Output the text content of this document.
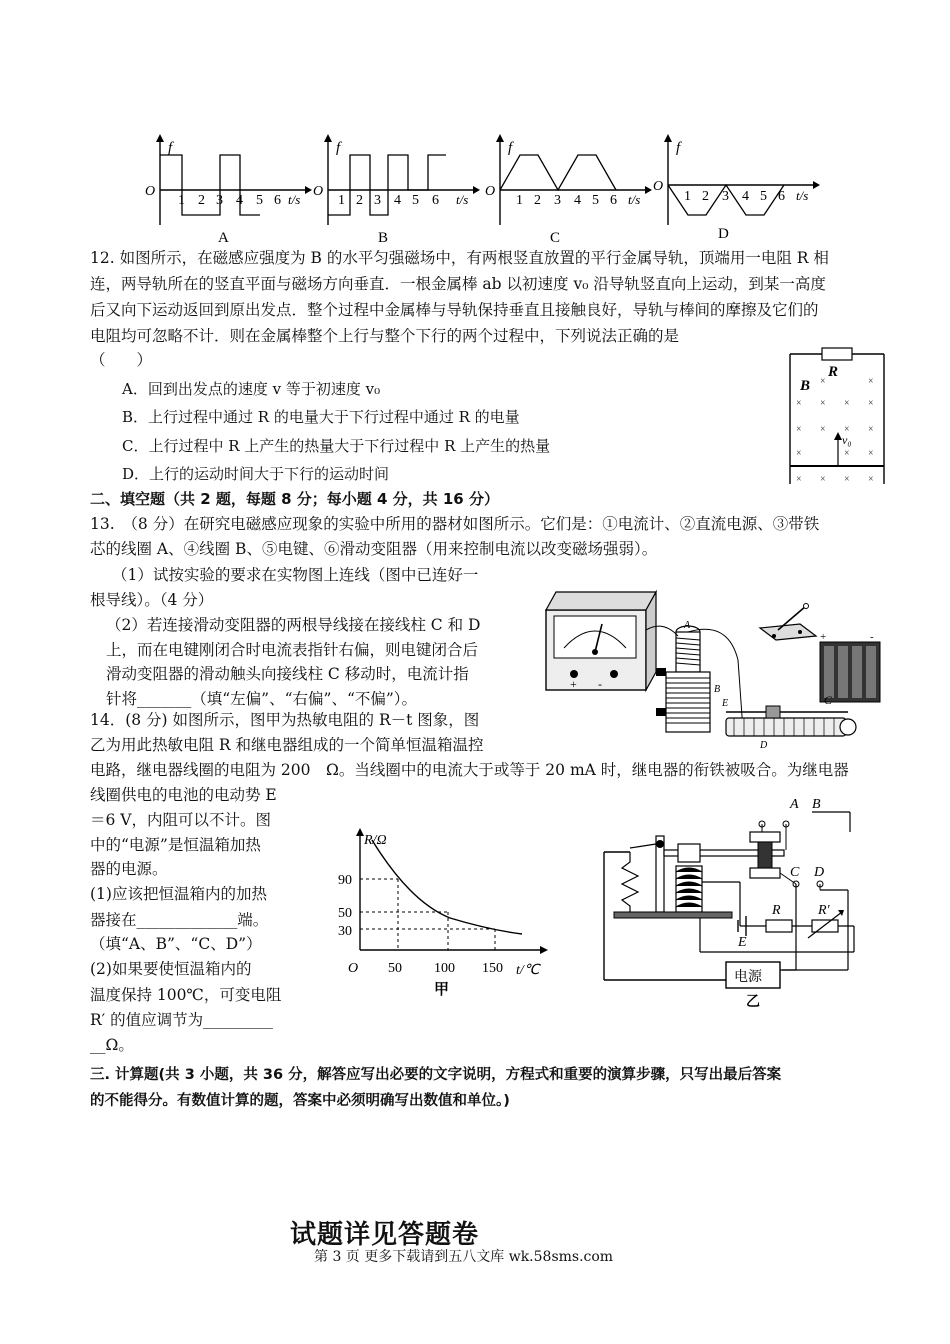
f
O
t/s
1 2 3 4 5 6
A
f
O
t/s
1 2 3 4 5 6
B
f
O
t/s
1 2 3 4 5 6
C
f
O
t/s
1 2 3 4 5 6
D
12. 如图所示，在磁感应强度为 B 的水平匀强磁场中，有两根竖直放置的平行金属导轨，顶端用一电阻 R 相
连，两导轨所在的竖直平面与磁场方向垂直．一根金属棒 ab 以初速度 v₀ 沿导轨竖直向上运动，到某一高度
后又向下运动返回到原出发点．整个过程中金属棒与导轨保持垂直且接触良好，导轨与棒间的摩擦及它们的
电阻均可忽略不计．则在金属棒整个上行与整个下行的两个过程中，下列说法正确的是
（　　）
A．回到出发点的速度 v 等于初速度 v₀
B．上行过程中通过 R 的电量大于下行过程中通过 R 的电量
C．上行过程中 R 上产生的热量大于下行过程中 R 上产生的热量
D．上行的运动时间大于下行的运动时间
R
B
× × × ×
× × × ×
×	× ×
× × × ×
×	×
v₀
二、填空题（共 2 题，每题 8 分；每小题 4 分，共 16 分）
13.　（8 分）在研究电磁感应现象的实验中所用的器材如图所示。它们是：①电流计、②直流电源、③带铁
芯的线圈 A、④线圈 B、⑤电键、⑥滑动变阻器（用来控制电流以改变磁场强弱）。
（1）试按实验的要求在实物图上连线（图中已连好一
根导线）。（4 分）
（2）若连接滑动变阻器的两根导线接在接线柱 C 和 D
上，而在电键刚闭合时电流表指针右偏，则电键闭合后
滑动变阻器的滑动触头向接线柱 C 移动时，电流计指
针将_______（填“左偏”、“右偏”、“不偏”）。
+ -
A
B
+	-
C
D
E
14．(8 分) 如图所示，图甲为热敏电阻的 R－t 图象，图
乙为用此热敏电阻 R 和继电器组成的一个简单恒温箱温控
电路，继电器线圈的电阻为 200　Ω。当线圈中的电流大于或等于 20 mA 时，继电器的衔铁被吸合。为继电器
线圈供电的电池的电动势 E
＝6 V，内阻可以不计。图
中的“电源”是恒温箱加热
器的电源。
(1)应该把恒温箱内的加热
器接在_____________端。
（填“A、B”、“C、D”）
(2)如果要使恒温箱内的
温度保持 100℃，可变电阻
R′ 的值应调节为_________
__Ω。
R/Ω
t/℃
O
90
50
30
50 100 150
甲
A B
C D
电源
乙
E
R	R′
三. 计算题(共 3 小题，共 36 分，解答应写出必要的文字说明，方程式和重要的演算步骤，只写出最后答案
的不能得分。有数值计算的题，答案中必须明确写出数值和单位。)
试题详见答题卷
第 3 页 更多下载请到五八文库 wk.58sms.com
